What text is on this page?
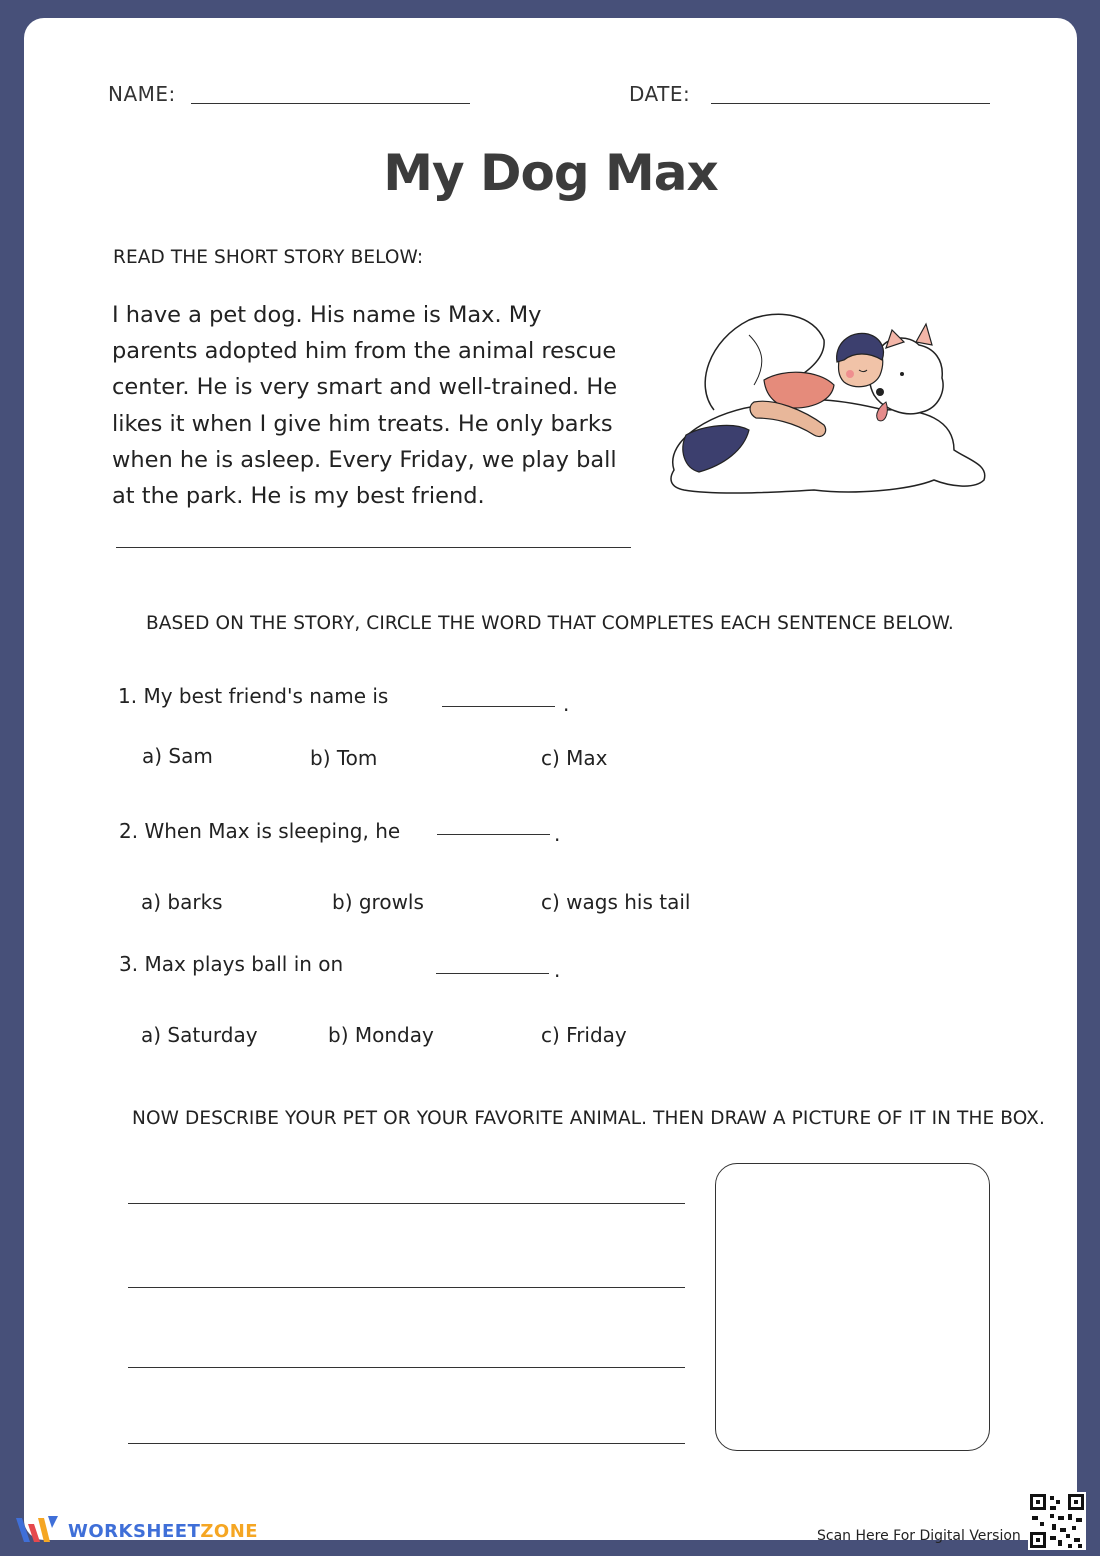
NAME:	DATE:
My Dog Max
READ THE SHORT STORY BELOW:
I have a pet dog. His name is Max. My parents adopted him from the animal rescue center. He is very smart and well-trained. He likes it when I give him treats. He only barks when he is asleep. Every Friday, we play ball at the park. He is my best friend.
BASED ON THE STORY, CIRCLE THE WORD THAT COMPLETES EACH SENTENCE BELOW.
1. My best friend's name is	.
a) Sam	b) Tom	c) Max
2. When Max is sleeping, he	.
a) barks	b) growls	c) wags his tail
3. Max plays ball in on	.
a) Saturday	b) Monday	c) Friday
NOW DESCRIBE YOUR PET OR YOUR FAVORITE ANIMAL. THEN DRAW A PICTURE OF IT IN THE BOX.
WORKSHEETZONE	Scan Here For Digital Version
